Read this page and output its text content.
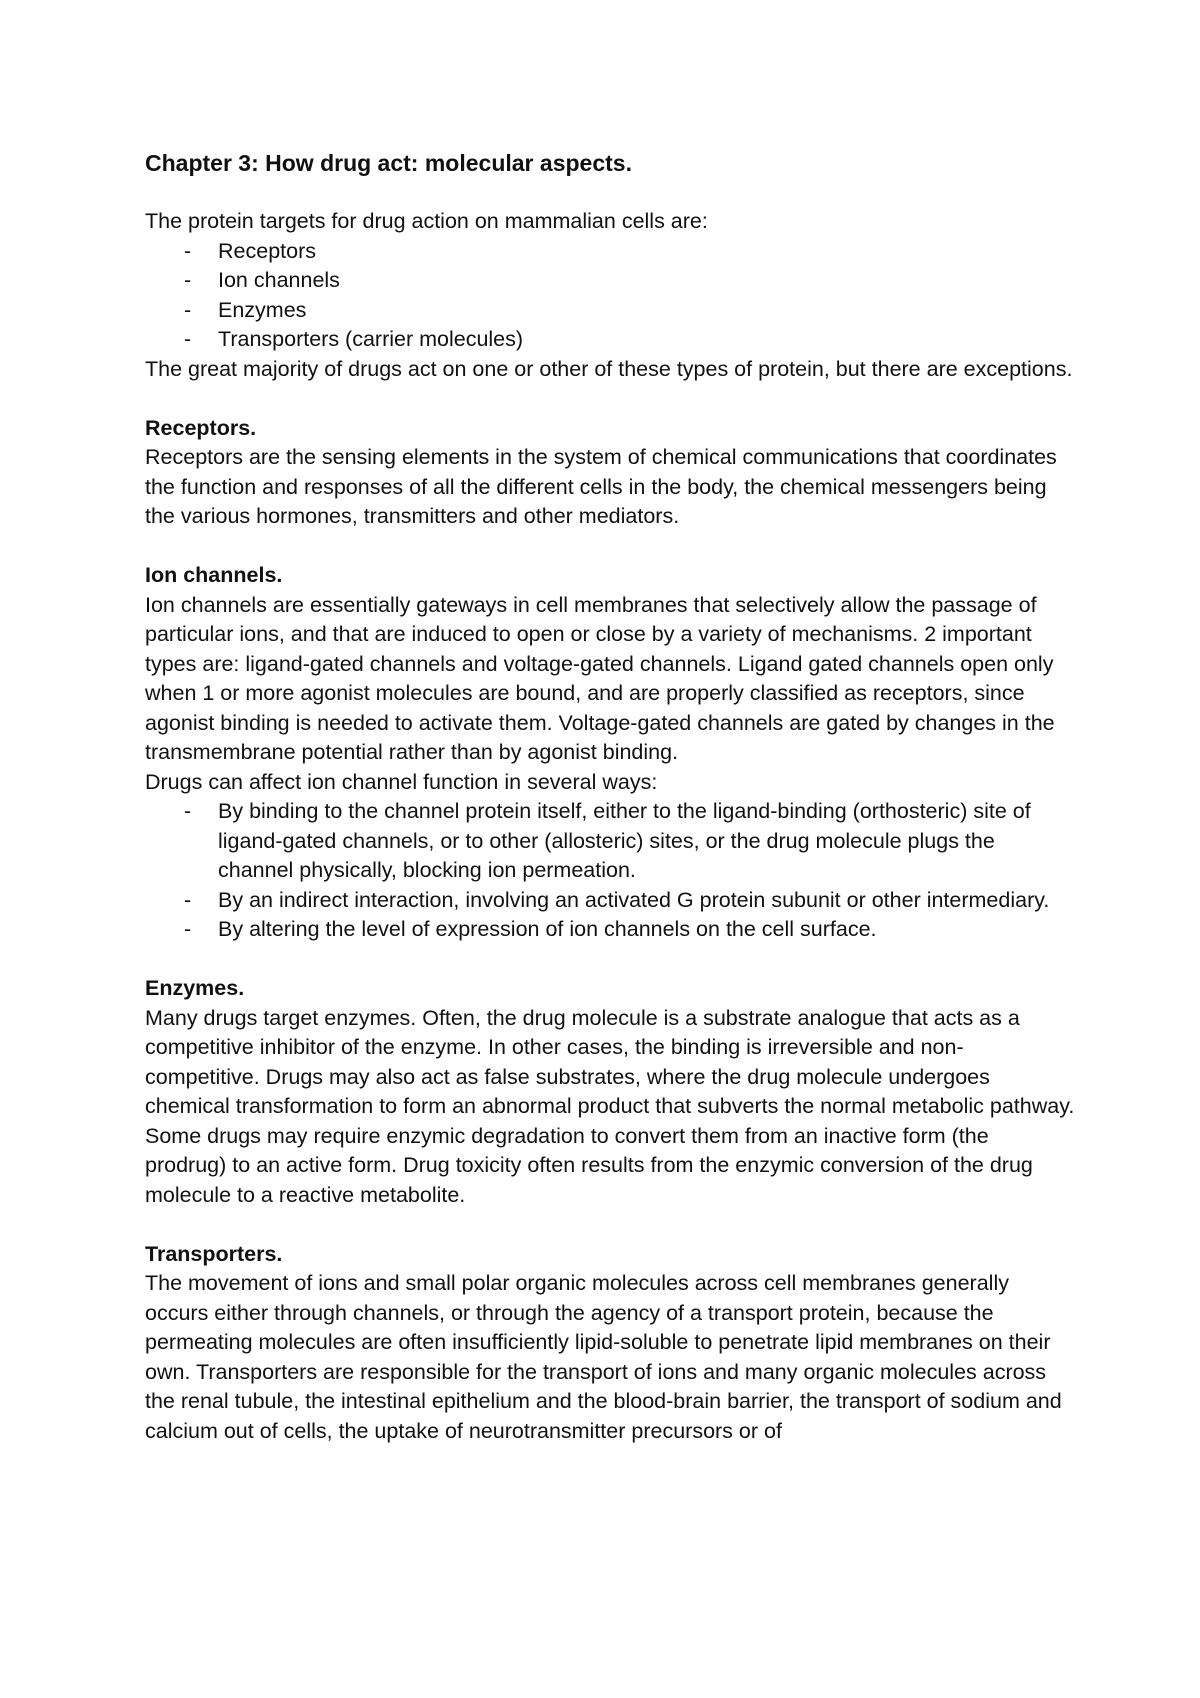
Chapter 3: How drug act: molecular aspects.

The protein targets for drug action on mammalian cells are:

- Receptors
- Ion channels
- Enzymes
- Transporters (carrier molecules)

The great majority of drugs act on one or other of these types of protein, but there are exceptions.

Receptors.

Receptors are the sensing elements in the system of chemical communications that coordinates the function and responses of all the different cells in the body, the chemical messengers being the various hormones, transmitters and other mediators.

Ion channels.

Ion channels are essentially gateways in cell membranes that selectively allow the passage of particular ions, and that are induced to open or close by a variety of mechanisms. 2 important types are: ligand-gated channels and voltage-gated channels. Ligand gated channels open only when 1 or more agonist molecules are bound, and are properly classified as receptors, since agonist binding is needed to activate them. Voltage-gated channels are gated by changes in the transmembrane potential rather than by agonist binding.

Drugs can affect ion channel function in several ways:

- By binding to the channel protein itself, either to the ligand-binding (orthosteric) site of ligand-gated channels, or to other (allosteric) sites, or the drug molecule plugs the channel physically, blocking ion permeation.
- By an indirect interaction, involving an activated G protein subunit or other intermediary.
- By altering the level of expression of ion channels on the cell surface.

Enzymes.

Many drugs target enzymes. Often, the drug molecule is a substrate analogue that acts as a competitive inhibitor of the enzyme. In other cases, the binding is irreversible and non-competitive. Drugs may also act as false substrates, where the drug molecule undergoes chemical transformation to form an abnormal product that subverts the normal metabolic pathway. Some drugs may require enzymic degradation to convert them from an inactive form (the prodrug) to an active form. Drug toxicity often results from the enzymic conversion of the drug molecule to a reactive metabolite.

Transporters.

The movement of ions and small polar organic molecules across cell membranes generally occurs either through channels, or through the agency of a transport protein, because the permeating molecules are often insufficiently lipid-soluble to penetrate lipid membranes on their own. Transporters are responsible for the transport of ions and many organic molecules across the renal tubule, the intestinal epithelium and the blood-brain barrier, the transport of sodium and calcium out of cells, the uptake of neurotransmitter precursors or of
